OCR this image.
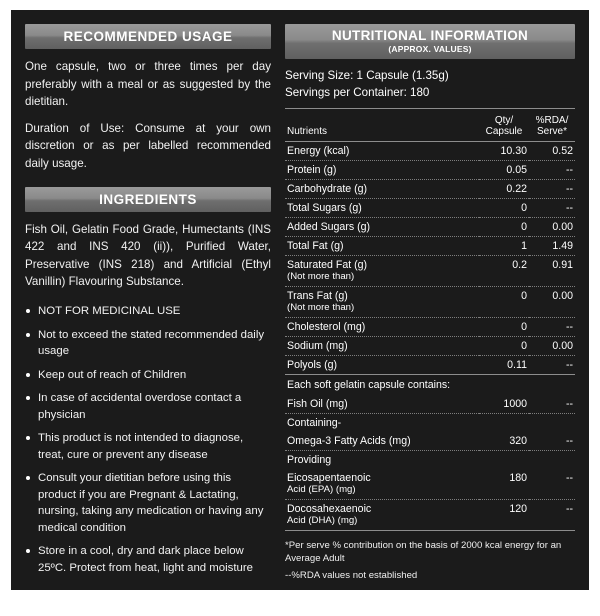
RECOMMENDED USAGE

One capsule, two or three times per day preferably with a meal or as suggested by the dietitian.

Duration of Use: Consume at your own discretion or as per labelled recommended daily usage.

INGREDIENTS

Fish Oil, Gelatin Food Grade, Humectants (INS 422 and INS 420 (ii)), Purified Water, Preservative (INS 218) and Artificial (Ethyl Vanillin) Flavouring Substance.

NOT FOR MEDICINAL USE
Not to exceed the stated recommended daily usage
Keep out of reach of Children
In case of accidental overdose contact a physician
This product is not intended to diagnose, treat, cure or prevent any disease
Consult your dietitian before using this product if you are Pregnant & Lactating, nursing, taking any medication or having any medical condition
Store in a cool, dry and dark place below 25ºC. Protect from heat, light and moisture
NUTRITIONAL INFORMATION
(APPROX. VALUES)
Serving Size: 1 Capsule (1.35g)
Servings per Container: 180
Nutrients	Qty/ Capsule	%RDA/ Serve*
Energy (kcal)	10.30	0.52
Protein (g)	0.05	--
Carbohydrate (g)	0.22	--
Total Sugars (g)	0	--
Added Sugars (g)	0	0.00
Total Fat (g)	1	1.49
Saturated Fat (g)
(Not more than)	0.2	0.91
Trans Fat (g)
(Not more than)	0	0.00
Cholesterol (mg)	0	--
Sodium (mg)	0	0.00
Polyols (g)	0.11	--
Each soft gelatin capsule contains:		
Fish Oil (mg)	1000	--
Containing-		
Omega-3 Fatty Acids (mg)	320	--
Providing		
Eicosapentaenoic
Acid (EPA) (mg)	180	--
Docosahexaenoic
Acid (DHA) (mg)	120	--
*Per serve % contribution on the basis of 2000 kcal energy for an Average Adult
--%RDA values not established
NUTRACEUTICAL
